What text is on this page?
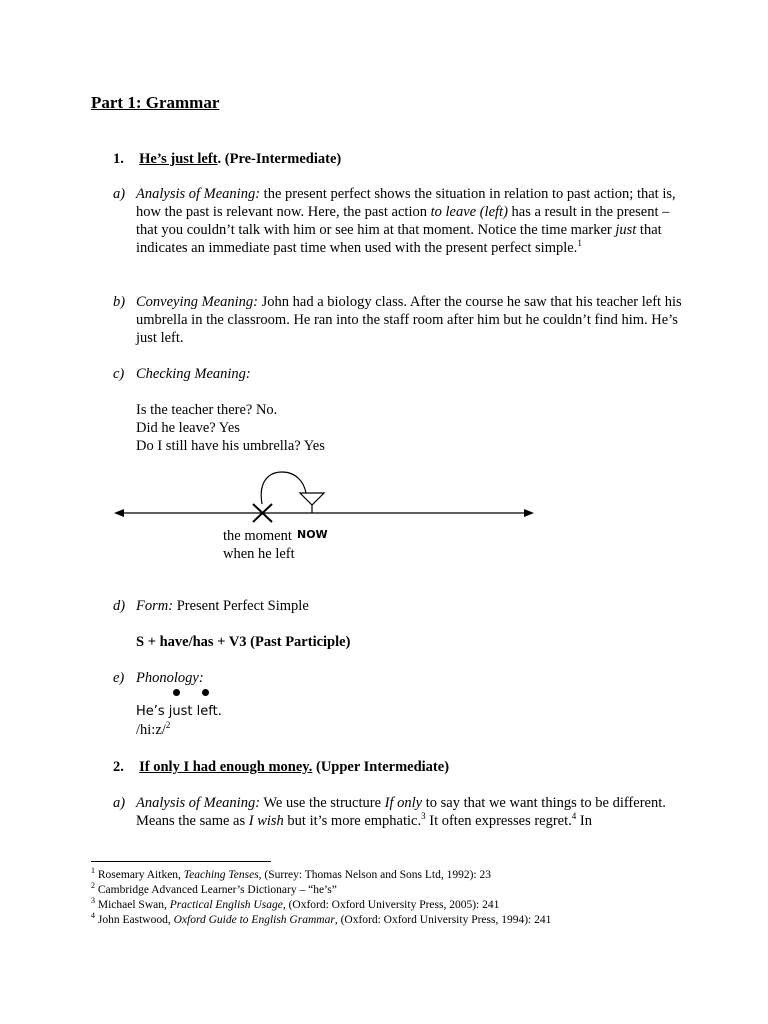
Part 1: Grammar
1. He’s just left. (Pre-Intermediate)
a) Analysis of Meaning: the present perfect shows the situation in relation to past action; that is, how the past is relevant now. Here, the past action to leave (left) has a result in the present – that you couldn’t talk with him or see him at that moment. Notice the time marker just that indicates an immediate past time when used with the present perfect simple.$^1$
b) Conveying Meaning: John had a biology class. After the course he saw that his teacher left his umbrella in the classroom. He ran into the staff room after him but he couldn’t find him. He’s just left.
c) Checking Meaning:
Is the teacher there? No.
Did he leave? Yes
Do I still have his umbrella? Yes
the moment
when he left
NOW
d) Form: Present Perfect Simple
S + have/has + V3 (Past Participle)
e) Phonology:
He’s just left.
/hi:z/$^2$
2. If only I had enough money. (Upper Intermediate)
a) Analysis of Meaning: We use the structure If only to say that we want things to be different. Means the same as I wish but it’s more emphatic.$^3$ It often expresses regret.$^4$ In
$^1$ Rosemary Aitken, Teaching Tenses, (Surrey: Thomas Nelson and Sons Ltd, 1992): 23
$^2$ Cambridge Advanced Learner’s Dictionary – “he’s”
$^3$ Michael Swan, Practical English Usage, (Oxford: Oxford University Press, 2005): 241
$^4$ John Eastwood, Oxford Guide to English Grammar, (Oxford: Oxford University Press, 1994): 241
